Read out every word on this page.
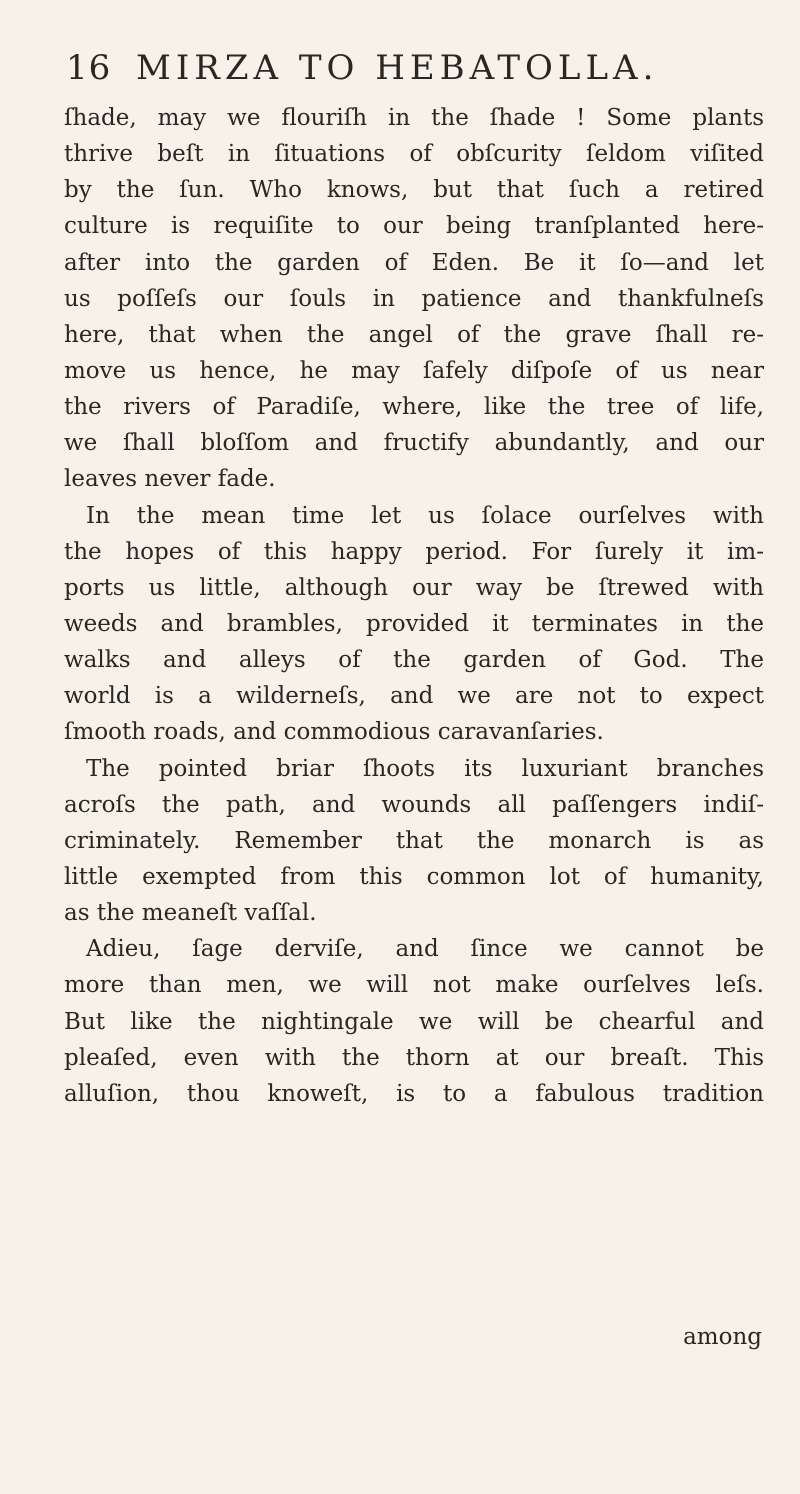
16 MIRZA TO HEBATOLLA.
ſhade, may we flouriſh in the ſhade ! Some plants
thrive beſt in ſituations of obſcurity ſeldom viſited
by the ſun. Who knows, but that ſuch a retired
culture is requiſite to our being tranſplanted here-
after into the garden of Eden. Be it ſo—and let
us poſſeſs our ſouls in patience and thankfulneſs
here, that when the angel of the grave ſhall re-
move us hence, he may ſafely diſpoſe of us near
the rivers of Paradiſe, where, like the tree of life,
we ſhall bloſſom and fructify abundantly, and our
leaves never fade.
In the mean time let us ſolace ourſelves with
the hopes of this happy period. For ſurely it im-
ports us little, although our way be ſtrewed with
weeds and brambles, provided it terminates in the
walks and alleys of the garden of God. The
world is a wilderneſs, and we are not to expect
ſmooth roads, and commodious caravanſaries.
The pointed briar ſhoots its luxuriant branches
acroſs the path, and wounds all paſſengers indiſ-
criminately. Remember that the monarch is as
little exempted from this common lot of humanity,
as the meaneſt vaſſal.
Adieu, ſage derviſe, and ſince we cannot be
more than men, we will not make ourſelves leſs.
But like the nightingale we will be chearful and
pleaſed, even with the thorn at our breaſt. This
alluſion, thou knoweſt, is to a fabulous tradition
among
